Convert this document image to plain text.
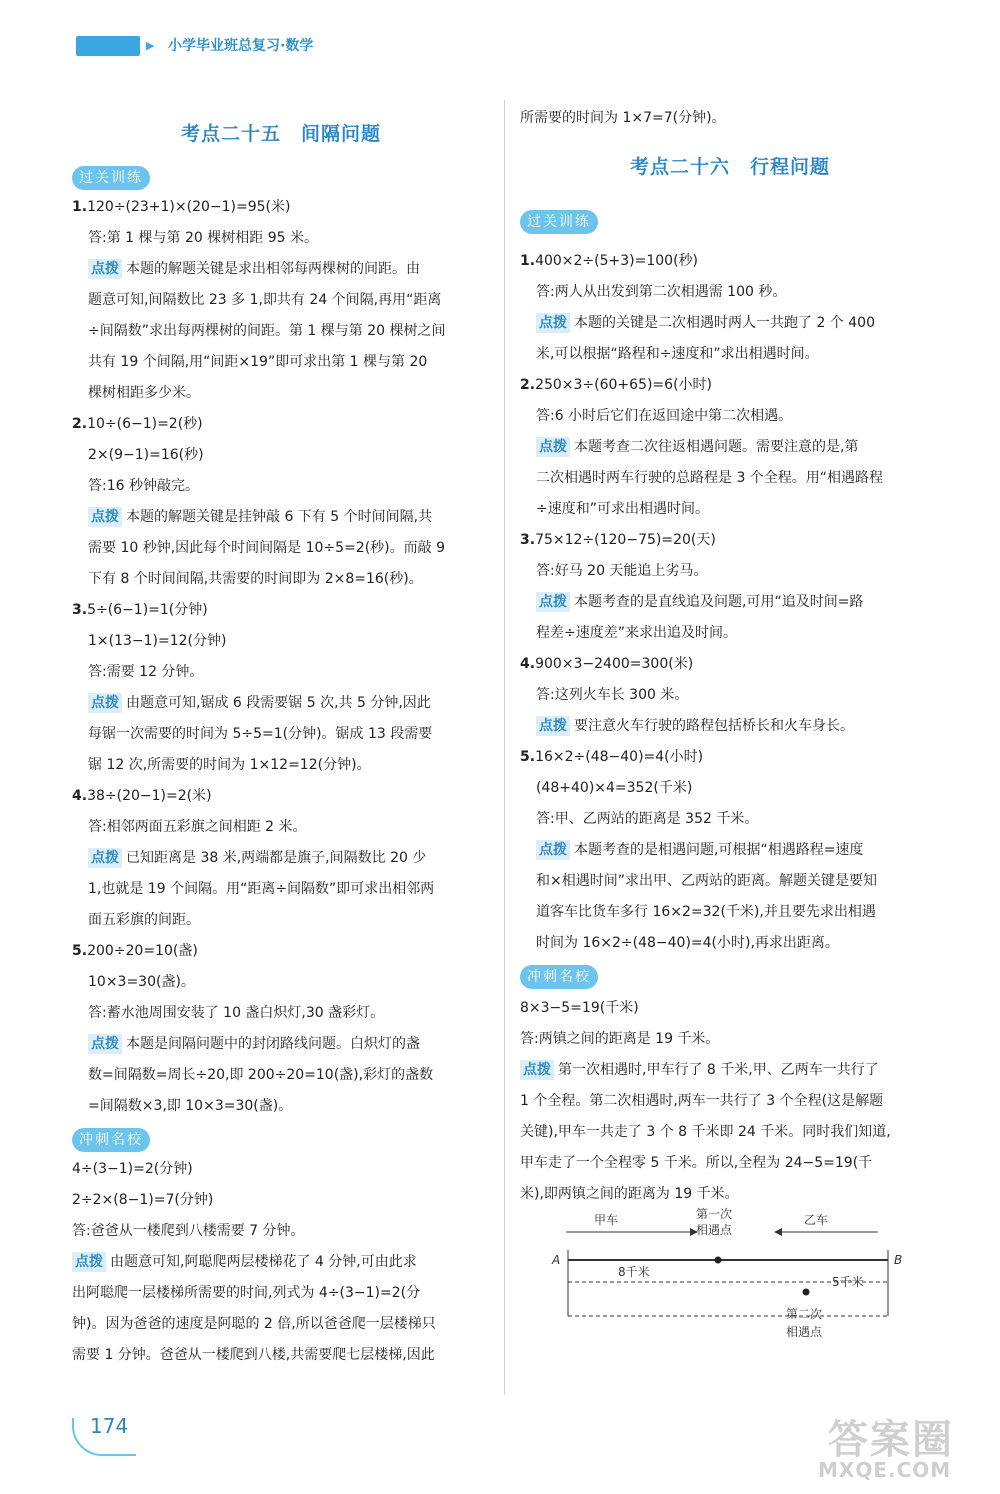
▶ 小学毕业班总复习·数学
考点二十五　间隔问题
过关训练
1.120÷(23+1)×(20−1)=95(米)
答:第 1 棵与第 20 棵树相距 95 米。
点拨 本题的解题关键是求出相邻每两棵树的间距。由
题意可知,间隔数比 23 多 1,即共有 24 个间隔,再用“距离
÷间隔数”求出每两棵树的间距。第 1 棵与第 20 棵树之间
共有 19 个间隔,用“间距×19”即可求出第 1 棵与第 20
棵树相距多少米。
2.10÷(6−1)=2(秒)
2×(9−1)=16(秒)
答:16 秒钟敲完。
点拨 本题的解题关键是挂钟敲 6 下有 5 个时间间隔,共
需要 10 秒钟,因此每个时间间隔是 10÷5=2(秒)。而敲 9
下有 8 个时间间隔,共需要的时间即为 2×8=16(秒)。
3.5÷(6−1)=1(分钟)
1×(13−1)=12(分钟)
答:需要 12 分钟。
点拨 由题意可知,锯成 6 段需要锯 5 次,共 5 分钟,因此
每锯一次需要的时间为 5÷5=1(分钟)。锯成 13 段需要
锯 12 次,所需要的时间为 1×12=12(分钟)。
4.38÷(20−1)=2(米)
答:相邻两面五彩旗之间相距 2 米。
点拨 已知距离是 38 米,两端都是旗子,间隔数比 20 少
1,也就是 19 个间隔。用“距离÷间隔数”即可求出相邻两
面五彩旗的间距。
5.200÷20=10(盏)
10×3=30(盏)。
答:蓄水池周围安装了 10 盏白炽灯,30 盏彩灯。
点拨 本题是间隔问题中的封闭路线问题。白炽灯的盏
数=间隔数=周长÷20,即 200÷20=10(盏),彩灯的盏数
=间隔数×3,即 10×3=30(盏)。
冲刺名校
4÷(3−1)=2(分钟)
2÷2×(8−1)=7(分钟)
答:爸爸从一楼爬到八楼需要 7 分钟。
点拨 由题意可知,阿聪爬两层楼梯花了 4 分钟,可由此求
出阿聪爬一层楼梯所需要的时间,列式为 4÷(3−1)=2(分
钟)。因为爸爸的速度是阿聪的 2 倍,所以爸爸爬一层楼梯只
需要 1 分钟。爸爸从一楼爬到八楼,共需要爬七层楼梯,因此
所需要的时间为 1×7=7(分钟)。
考点二十六　行程问题
过关训练
1.400×2÷(5+3)=100(秒)
答:两人从出发到第二次相遇需 100 秒。
点拨 本题的关键是二次相遇时两人一共跑了 2 个 400
米,可以根据“路程和÷速度和”求出相遇时间。
2.250×3÷(60+65)=6(小时)
答:6 小时后它们在返回途中第二次相遇。
点拨 本题考查二次往返相遇问题。需要注意的是,第
二次相遇时两车行驶的总路程是 3 个全程。用“相遇路程
÷速度和”可求出相遇时间。
3.75×12÷(120−75)=20(天)
答:好马 20 天能追上劣马。
点拨 本题考查的是直线追及问题,可用“追及时间=路
程差÷速度差”来求出追及时间。
4.900×3−2400=300(米)
答:这列火车长 300 米。
点拨 要注意火车行驶的路程包括桥长和火车身长。
5.16×2÷(48−40)=4(小时)
(48+40)×4=352(千米)
答:甲、乙两站的距离是 352 千米。
点拨 本题考查的是相遇问题,可根据“相遇路程=速度
和×相遇时间”求出甲、乙两站的距离。解题关键是要知
道客车比货车多行 16×2=32(千米),并且要先求出相遇
时间为 16×2÷(48−40)=4(小时),再求出距离。
冲刺名校
8×3−5=19(千米)
答:两镇之间的距离是 19 千米。
点拨 第一次相遇时,甲车行了 8 千米,甲、乙两车一共行了
1 个全程。第二次相遇时,两车一共行了 3 个全程(这是解题
关键),甲车一共走了 3 个 8 千米即 24 千米。同时我们知道,
甲车走了一个全程零 5 千米。所以,全程为 24−5=19(千
米),即两镇之间的距离为 19 千米。
甲车	第一次
相遇点
乙车
A	B
8千米
5千米
第二次
相遇点
174	答案圈
MXQE.COM
